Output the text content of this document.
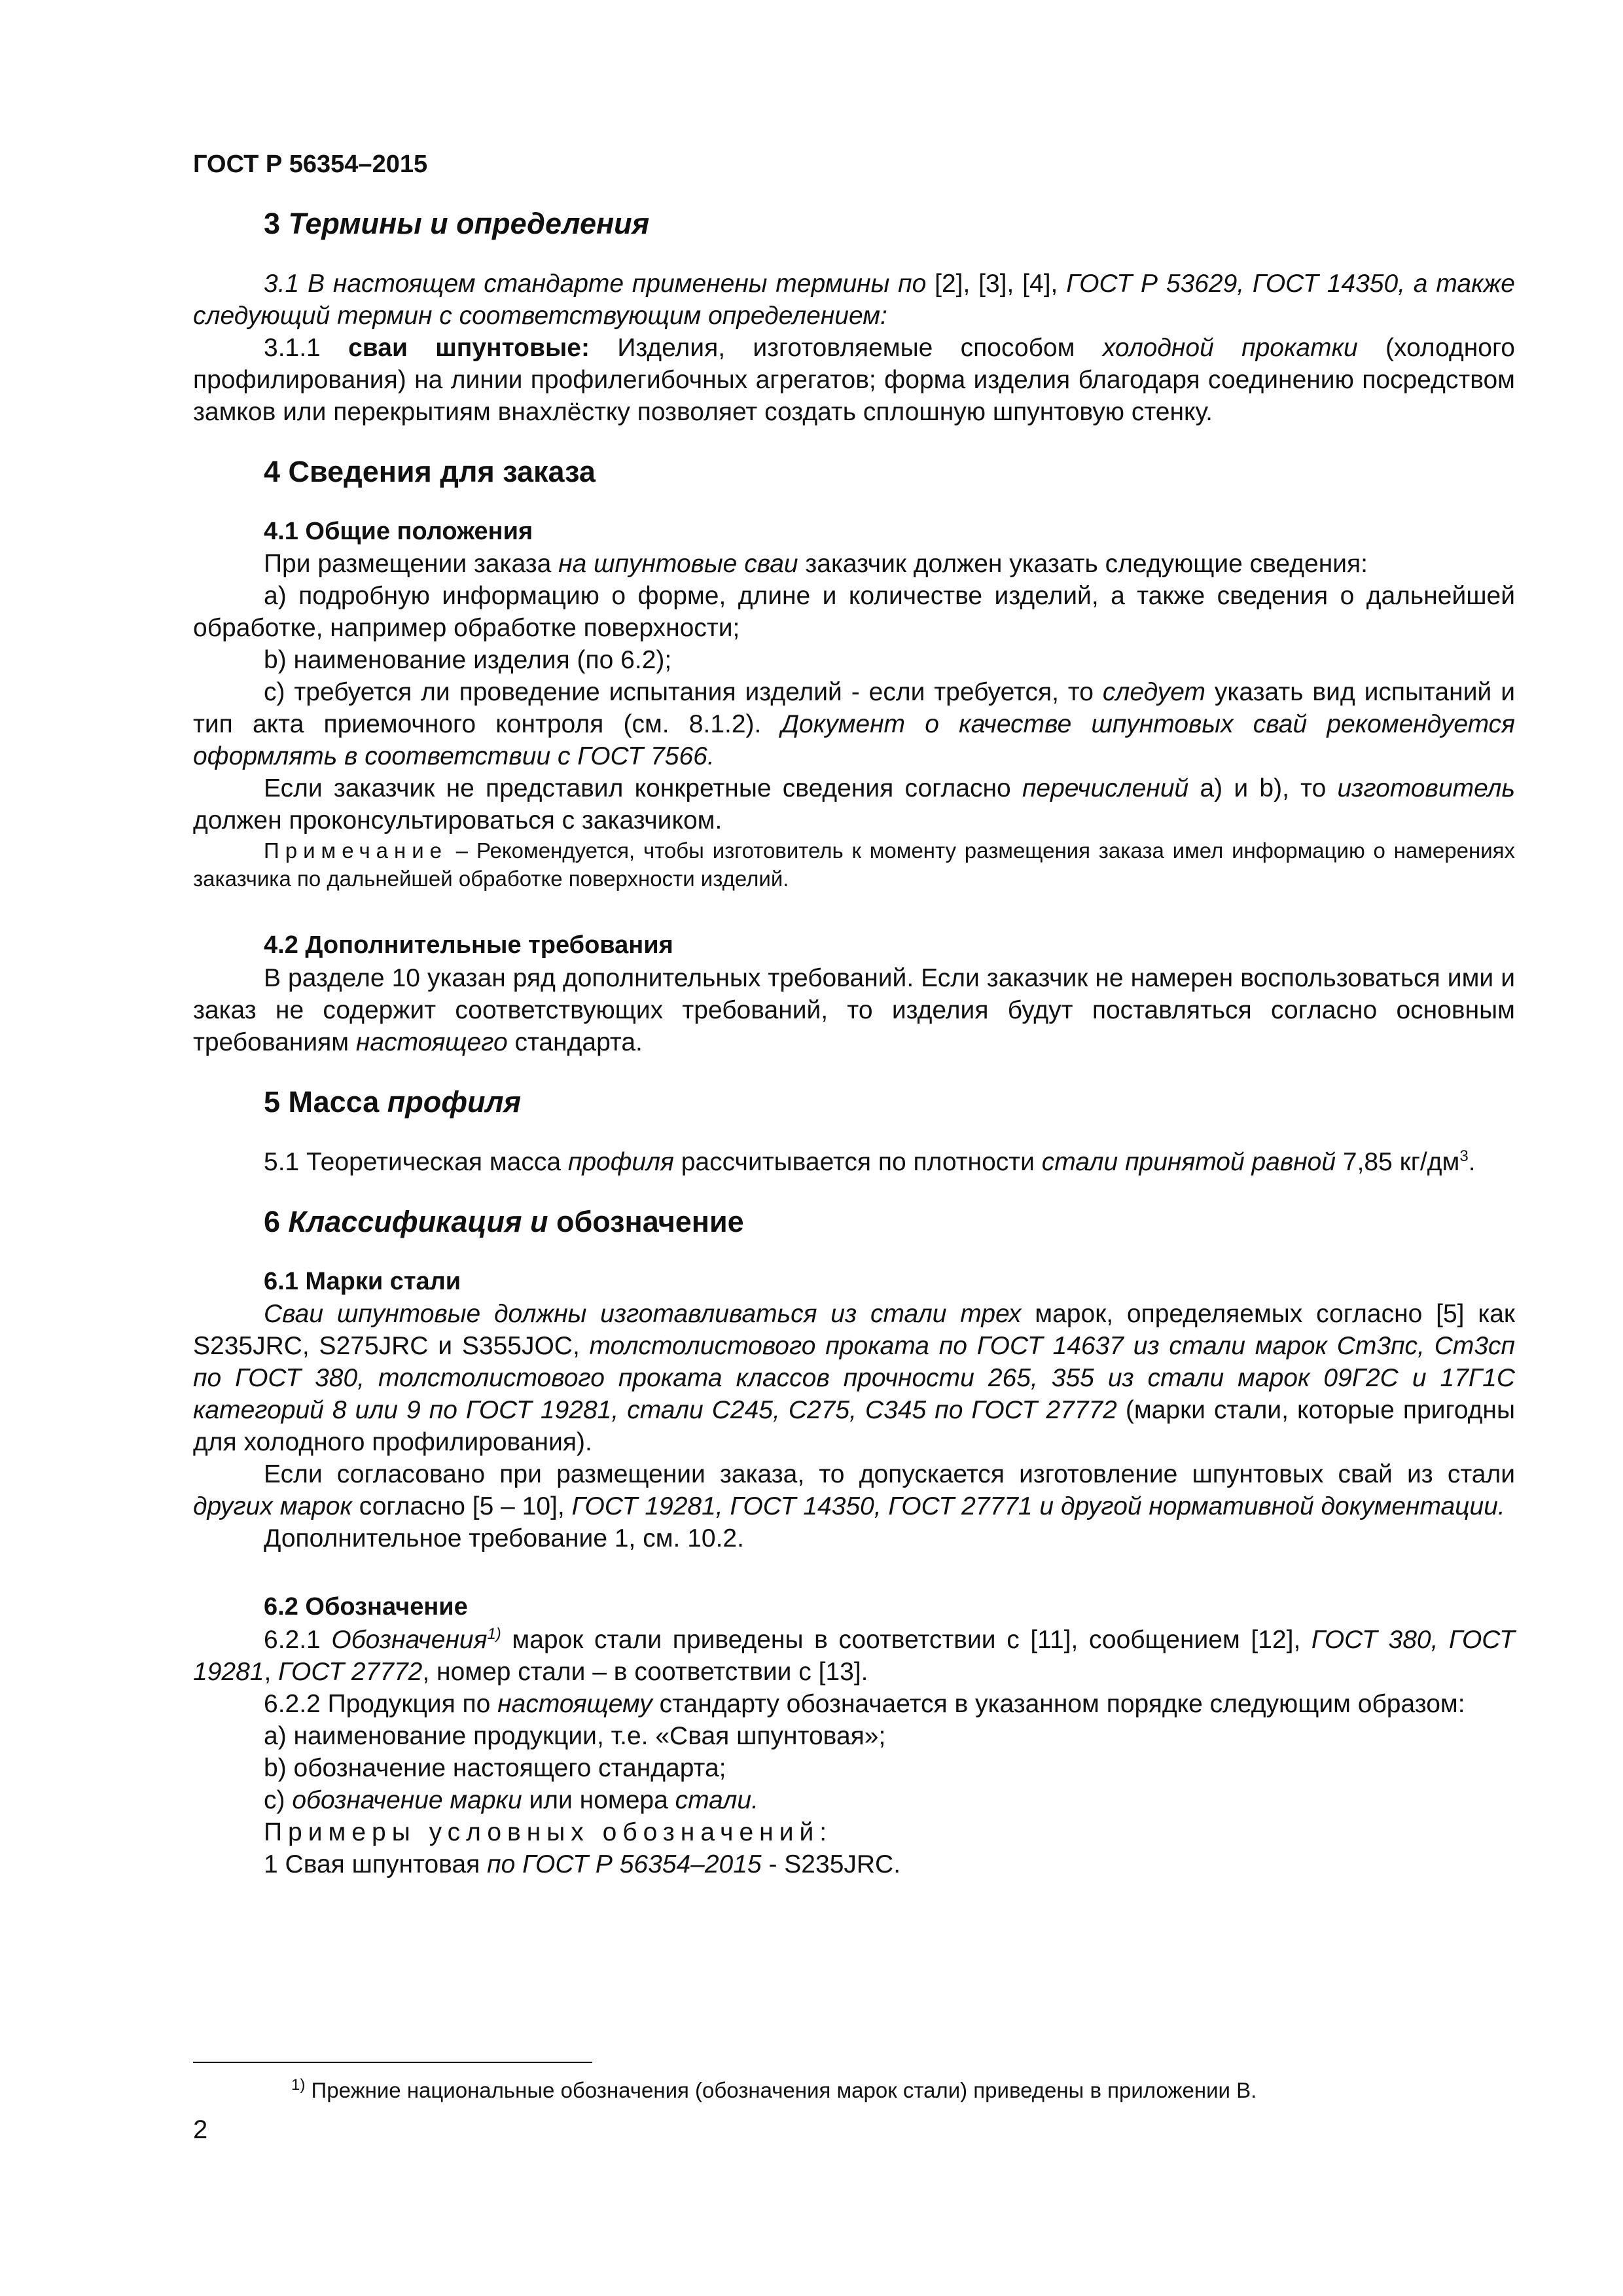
ГОСТ Р 56354–2015
3 Термины и определения

3.1 В настоящем стандарте применены термины по [2], [3], [4], ГОСТ Р 53629, ГОСТ 14350, а также следующий термин с соответствующим определением:

3.1.1 сваи шпунтовые: Изделия, изготовляемые способом холодной прокатки (холодного профилирования) на линии профилегибочных агрегатов; форма изделия благодаря соединению посредством замков или перекрытиям внахлёстку позволяет создать сплошную шпунтовую стенку.

4 Сведения для заказа
4.1 Общие положения

При размещении заказа на шпунтовые сваи заказчик должен указать следующие сведения:

a) подробную информацию о форме, длине и количестве изделий, а также сведения о дальнейшей обработке, например обработке поверхности;

b) наименование изделия (по 6.2);

c) требуется ли проведение испытания изделий - если требуется, то следует указать вид испытаний и тип акта приемочного контроля (см. 8.1.2). Документ о качестве шпунтовых свай рекомендуется оформлять в соответствии с ГОСТ 7566.

Если заказчик не представил конкретные сведения согласно перечислений a) и b), то изготовитель должен проконсультироваться с заказчиком.

Примечание – Рекомендуется, чтобы изготовитель к моменту размещения заказа имел информацию о намерениях заказчика по дальнейшей обработке поверхности изделий.

4.2 Дополнительные требования

В разделе 10 указан ряд дополнительных требований. Если заказчик не намерен воспользоваться ими и заказ не содержит соответствующих требований, то изделия будут поставляться согласно основным требованиям настоящего стандарта.

5 Масса профиля

5.1 Теоретическая масса профиля рассчитывается по плотности стали принятой равной 7,85 $кг/дм^3$.

6 Классификация и обозначение
6.1 Марки стали

Сваи шпунтовые должны изготавливаться из стали трех марок, определяемых согласно [5] как S235JRC, S275JRC и S355JOC, толстолистового проката по ГОСТ 14637 из стали марок Ст3пс, Ст3сп по ГОСТ 380, толстолистового проката классов прочности 265, 355 из стали марок 09Г2С и 17Г1С категорий 8 или 9 по ГОСТ 19281, стали С245, С275, С345 по ГОСТ 27772 (марки стали, которые пригодны для холодного профилирования).

Если согласовано при размещении заказа, то допускается изготовление шпунтовых свай из стали других марок согласно [5 – 10], ГОСТ 19281, ГОСТ 14350, ГОСТ 27771 и другой нормативной документации.

Дополнительное требование 1, см. 10.2.

6.2 Обозначение

6.2.1 Обозначения$^{1)}$ марок стали приведены в соответствии с [11], сообщением [12], ГОСТ 380, ГОСТ 19281, ГОСТ 27772, номер стали – в соответствии с [13].

6.2.2 Продукция по настоящему стандарту обозначается в указанном порядке следующим образом:

a) наименование продукции, т.е. «Свая шпунтовая»;

b) обозначение настоящего стандарта;

c) обозначение марки или номера стали.

Примеры условных обозначений:

1 Свая шпунтовая по ГОСТ Р 56354–2015 - S235JRC.

$^{1)}$ Прежние национальные обозначения (обозначения марок стали) приведены в приложении В.
2
